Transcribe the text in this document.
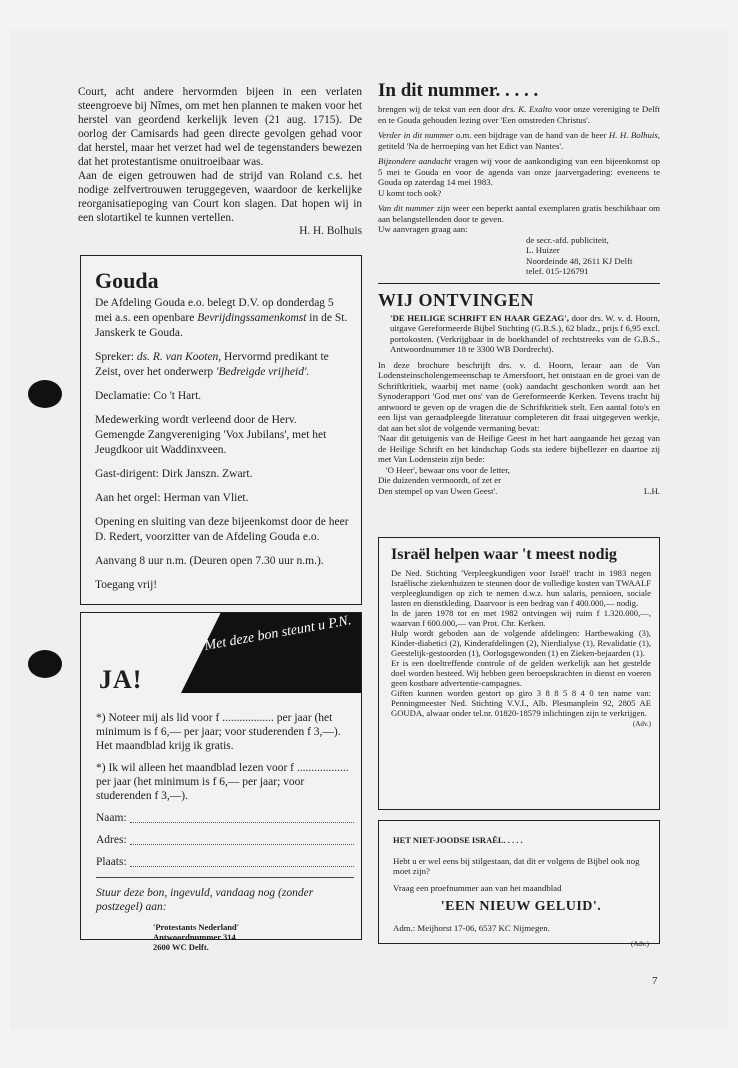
Court, acht andere hervormden bijeen in een verlaten steengroeve bij Nîmes, om met hen plannen te maken voor het herstel van geordend kerkelijk leven (21 aug. 1715). De oorlog der Camisards had geen directe gevolgen gehad voor dat herstel, maar het verzet had wel de tegenstanders bewezen dat het protestantisme onuitroeibaar was.

Aan de eigen getrouwen had de strijd van Roland c.s. het nodige zelfvertrouwen teruggegeven, waardoor de kerkelijke reorganisatiepoging van Court kon slagen. Dat hopen wij in een slotartikel te kunnen vertellen.

H. H. Bolhuis
Gouda

De Afdeling Gouda e.o. belegt D.V. op donderdag 5 mei a.s. een openbare Bevrijdingssamenkomst in de St. Janskerk te Gouda.

Spreker: ds. R. van Kooten, Hervormd predikant te Zeist, over het onderwerp 'Bedreigde vrijheid'.

Declamatie: Co 't Hart.

Medewerking wordt verleend door de Herv. Gemengde Zangvereniging 'Vox Jubilans', met het Jeugdkoor uit Waddinxveen.

Gast-dirigent: Dirk Janszn. Zwart.

Aan het orgel: Herman van Vliet.

Opening en sluiting van deze bijeenkomst door de heer D. Redert, voorzitter van de Afdeling Gouda e.o.

Aanvang 8 uur n.m. (Deuren open 7.30 uur n.m.).

Toegang vrij!

Met deze bon steunt u P.N.
JA!

*) Noteer mij als lid voor f .................. per jaar (het minimum is f 6,— per jaar; voor studerenden f 3,—). Het maandblad krijg ik gratis.

*) Ik wil alleen het maandblad lezen voor f .................. per jaar (het minimum is f 6,— per jaar; voor studerenden f 3,—).

Naam:
Adres:
Plaats:

Stuur deze bon, ingevuld, vandaag nog (zonder postzegel) aan:

'Protestants Nederland'
Antwoordnummer 314
2600 WC Delft.
In dit nummer. . . . .

brengen wij de tekst van een door drs. K. Exalto voor onze vereniging te Delft en te Gouda gehouden lezing over 'Een omstreden Christus'.

Verder in dit nummer o.m. een bijdrage van de hand van de heer H. H. Bolhuis, getiteld 'Na de herroeping van het Edict van Nantes'.

Bijzondere aandacht vragen wij voor de aankondiging van een bijeenkomst op 5 mei te Gouda en voor de agenda van onze jaarvergadering: eveneens te Gouda op zaterdag 14 mei 1983.

U komt toch ook?

Van dit nummer zijn weer een beperkt aantal exemplaren gratis beschikbaar om aan belangstellenden door te geven.

Uw aanvragen graag aan:

de secr.-afd. publiciteit,
L. Huizer
Noordeinde 48, 2611 KJ Delft
telef. 015-126791
WIJ ONTVINGEN

'DE HEILIGE SCHRIFT EN HAAR GEZAG', door drs. W. v. d. Hoorn, uitgave Gereformeerde Bijbel Stichting (G.B.S.), 62 bladz., prijs f 6,95 excl. portokosten. (Verkrijgbaar in de boekhandel of rechtstreeks van de G.B.S., Antwoordnummer 18 te 3300 WB Dordrecht).

In deze brochure beschrijft drs. v. d. Hoorn, leraar aan de Van Lodensteinscholengemeenschap te Amersfoort, het ontstaan en de groei van de Schriftkritiek, waarbij met name (ook) aandacht geschonken wordt aan het Synoderapport 'God met ons' van de Gereformeerde Kerken. Tevens tracht hij antwoord te geven op de vragen die de Schriftkritiek stelt. Een aantal foto's en een lijst van geraadpleegde literatuur completeren dit fraai uitgegeven werkje, dat aan het slot de volgende vermaning bevat:

'Naar dit getuigenis van de Heilige Geest in het hart aangaande het gezag van de Heilige Schrift en het kindschap Gods sta iedere bijbellezer en daartoe zij met Van Lodenstein zijn bede:

'O Heer', bewaar ons voor de letter,
Die duizenden vermoordt, of zet er
Den stempel op van Uwen Geest'.	L.H.
Israël helpen waar 't meest nodig

De Ned. Stichting 'Verpleegkundigen voor Israël' tracht in 1983 negen Israëlische ziekenhuizen te steunen door de volledige kosten van TWAALF verpleegkundigen op zich te nemen d.w.z. hun salaris, pensioen, sociale lasten en dienstkleding. Daarvoor is een bedrag van f 400.000,— nodig.

In de jaren 1978 tot en met 1982 ontvingen wij ruim f 1.320.000,—, waarvan f 600.000,— van Prot. Chr. Kerken.

Hulp wordt geboden aan de volgende afdelingen: Hartbewaking (3), Kinder-diabetici (2), Kinderafdelingen (2), Nierdialyse (1), Revalidatie (1), Geestelijk-gestoorden (1), Oorlogsgewonden (1) en Zieken-bejaarden (1).

Er is een doeltreffende controle of de gelden werkelijk aan het gestelde doel worden besteed. Wij hebben geen beroepskrachten in dienst en voeren geen kostbare advertentie-campagnes.

Giften kunnen worden gestort op giro 3 8 8 5 8 4 0 ten name van: Penningmeester Ned. Stichting V.V.I., Alb. Plesmanplein 92, 2805 AE GOUDA, alwaar onder tel.nr. 01820-18579 inlichtingen zijn te verkrijgen.

(Adv.)

HET NIET-JOODSE ISRAËL. . . . .

Hebt u er wel eens bij stilgestaan, dat dit er volgens de Bijbel ook nog moet zijn?

Vraag een proefnummer aan van het maandblad

'EEN NIEUW GELUID'.

Adm.: Meijhorst 17-06, 6537 KC Nijmegen.

(Adv.)
7
